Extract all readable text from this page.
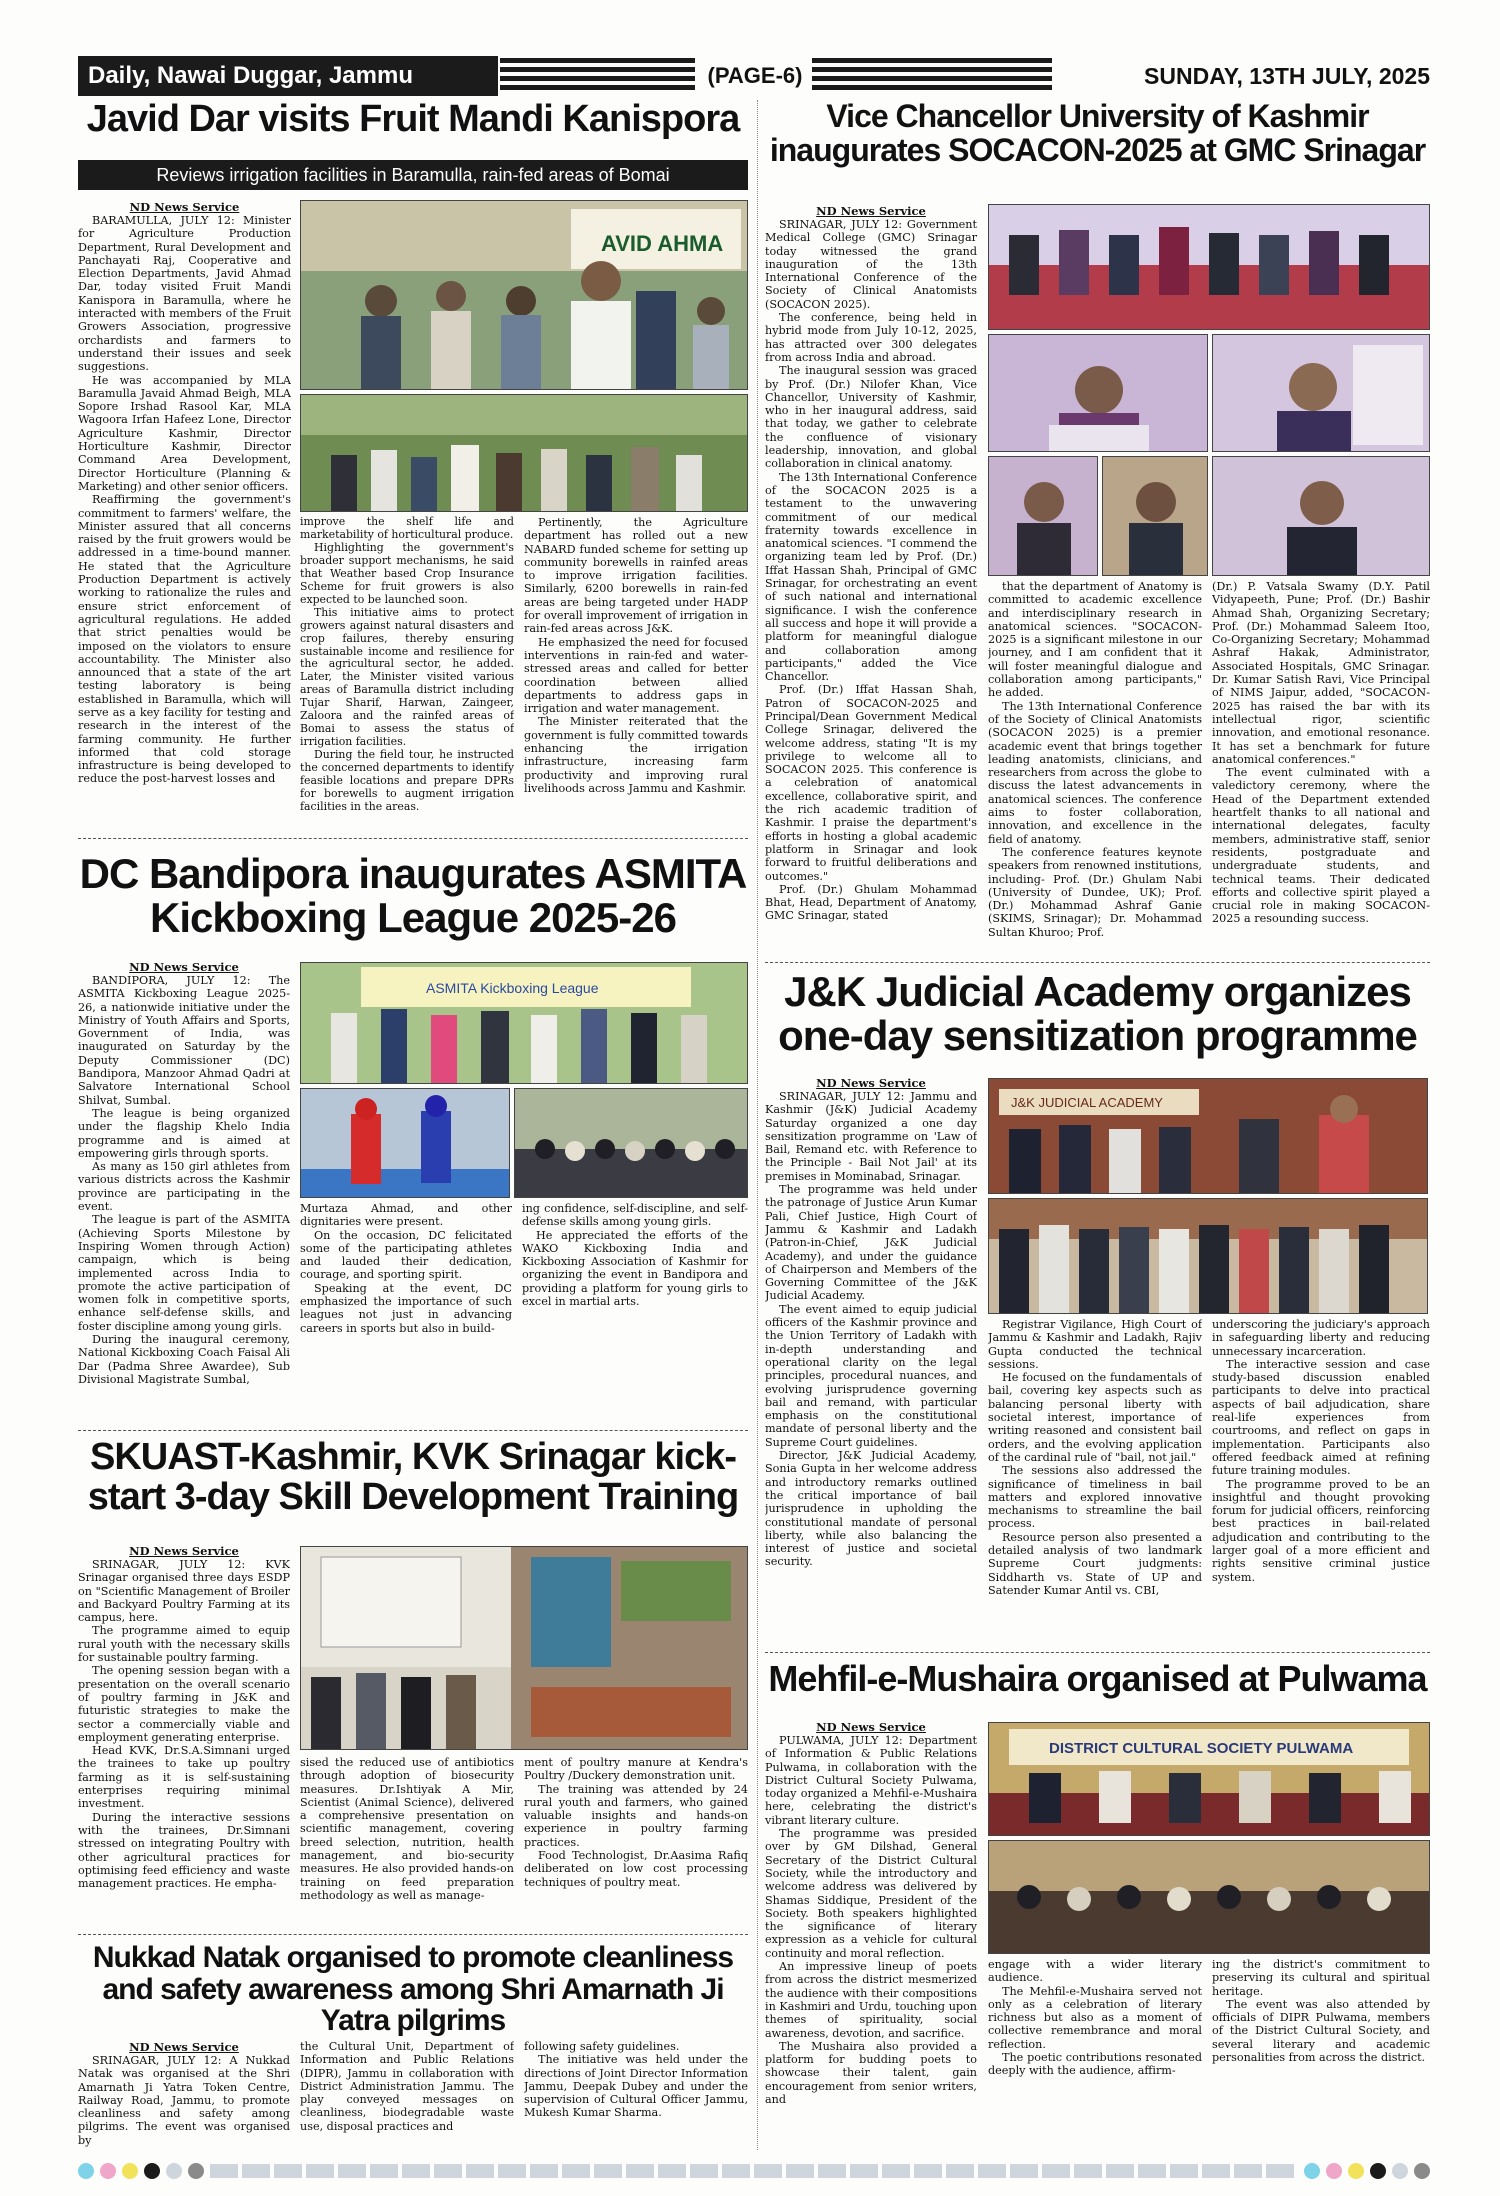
Daily, Nawai Duggar, Jammu	(PAGE-6)	SUNDAY, 13TH JULY, 2025
Javid Dar visits Fruit Mandi Kanispora
Reviews irrigation facilities in Baramulla, rain-fed areas of Bomai
ND News Service

BARAMULLA, JULY 12: Minister for Agriculture Production Department, Rural Development and Panchayati Raj, Cooperative and Election Departments, Javid Ahmad Dar, today visited Fruit Mandi Kanispora in Baramulla, where he interacted with members of the Fruit Growers Association, progressive orchardists and farmers to understand their issues and seek suggestions.

He was accompanied by MLA Baramulla Javaid Ahmad Beigh, MLA Sopore Irshad Rasool Kar, MLA Wagoora Irfan Hafeez Lone, Director Agriculture Kashmir, Director Horticulture Kashmir, Director Command Area Development, Director Horticulture (Planning & Marketing) and other senior officers.

Reaffirming the government's commitment to farmers' welfare, the Minister assured that all concerns raised by the fruit growers would be addressed in a time-bound manner. He stated that the Agriculture Production Department is actively working to rationalize the rules and ensure strict enforcement of agricultural regulations. He added that strict penalties would be imposed on the violators to ensure accountability. The Minister also announced that a state of the art testing laboratory is being established in Baramulla, which will serve as a key facility for testing and research in the interest of the farming community. He further informed that cold storage infrastructure is being developed to reduce the post-harvest losses and

AVID AHMA

improve the shelf life and marketability of horticultural produce.

Highlighting the government's broader support mechanisms, he said that Weather based Crop Insurance Scheme for fruit growers is also expected to be launched soon.

This initiative aims to protect growers against natural disasters and crop failures, thereby ensuring sustainable income and resilience for the agricultural sector, he added. Later, the Minister visited various areas of Baramulla district including Tujar Sharif, Harwan, Zaingeer, Zaloora and the rainfed areas of Bomai to assess the status of irrigation facilities.

During the field tour, he instructed the concerned departments to identify feasible locations and prepare DPRs for borewells to augment irrigation facilities in the areas.

Pertinently, the Agriculture department has rolled out a new NABARD funded scheme for setting up community borewells in rainfed areas to improve irrigation facilities. Similarly, 6200 borewells in rain-fed areas are being targeted under HADP for overall improvement of irrigation in rain-fed areas across J&K.

He emphasized the need for focused interventions in rain-fed and water-stressed areas and called for better coordination between allied departments to address gaps in irrigation and water management.

The Minister reiterated that the government is fully committed towards enhancing the irrigation infrastructure, increasing farm productivity and improving rural livelihoods across Jammu and Kashmir.

Vice Chancellor University of Kashmir inaugurates SOCACON-2025 at GMC Srinagar
ND News Service

SRINAGAR, JULY 12: Government Medical College (GMC) Srinagar today witnessed the grand inauguration of the 13th International Conference of the Society of Clinical Anatomists (SOCACON 2025).

The conference, being held in hybrid mode from July 10-12, 2025, has attracted over 300 delegates from across India and abroad.

The inaugural session was graced by Prof. (Dr.) Nilofer Khan, Vice Chancellor, University of Kashmir, who in her inaugural address, said that today, we gather to celebrate the confluence of visionary leadership, innovation, and global collaboration in clinical anatomy.

The 13th International Conference of the SOCACON 2025 is a testament to the unwavering commitment of our medical fraternity towards excellence in anatomical sciences. "I commend the organizing team led by Prof. (Dr.) Iffat Hassan Shah, Principal of GMC Srinagar, for orchestrating an event of such national and international significance. I wish the conference all success and hope it will provide a platform for meaningful dialogue and collaboration among participants," added the Vice Chancellor.

Prof. (Dr.) Iffat Hassan Shah, Patron of SOCACON-2025 and Principal/Dean Government Medical College Srinagar, delivered the welcome address, stating "It is my privilege to welcome all to SOCACON 2025. This conference is a celebration of anatomical excellence, collaborative spirit, and the rich academic tradition of Kashmir. I praise the department's efforts in hosting a global academic platform in Srinagar and look forward to fruitful deliberations and outcomes."

Prof. (Dr.) Ghulam Mohammad Bhat, Head, Department of Anatomy, GMC Srinagar, stated

that the department of Anatomy is committed to academic excellence and interdisciplinary research in anatomical sciences. "SOCACON-2025 is a significant milestone in our journey, and I am confident that it will foster meaningful dialogue and collaboration among participants," he added.

The 13th International Conference of the Society of Clinical Anatomists (SOCACON 2025) is a premier academic event that brings together leading anatomists, clinicians, and researchers from across the globe to discuss the latest advancements in anatomical sciences. The conference aims to foster collaboration, innovation, and excellence in the field of anatomy.

The conference features keynote speakers from renowned institutions, including- Prof. (Dr.) Ghulam Nabi (University of Dundee, UK); Prof. (Dr.) Mohammad Ashraf Ganie (SKIMS, Srinagar); Dr. Mohammad Sultan Khuroo; Prof.

(Dr.) P. Vatsala Swamy (D.Y. Patil Vidyapeeth, Pune; Prof. (Dr.) Bashir Ahmad Shah, Organizing Secretary; Prof. (Dr.) Mohammad Saleem Itoo, Co-Organizing Secretary; Mohammad Ashraf Hakak, Administrator, Associated Hospitals, GMC Srinagar. Dr. Kumar Satish Ravi, Vice Principal of NIMS Jaipur, added, "SOCACON-2025 has raised the bar with its intellectual rigor, scientific innovation, and emotional resonance. It has set a benchmark for future anatomical conferences."

The event culminated with a valedictory ceremony, where the Head of the Department extended heartfelt thanks to all national and international delegates, faculty members, administrative staff, senior residents, postgraduate and undergraduate students, and technical teams. Their dedicated efforts and collective spirit played a crucial role in making SOCACON-2025 a resounding success.

DC Bandipora inaugurates ASMITA Kickboxing League 2025-26
ND News Service

BANDIPORA, JULY 12: The ASMITA Kickboxing League 2025-26, a nationwide initiative under the Ministry of Youth Affairs and Sports, Government of India, was inaugurated on Saturday by the Deputy Commissioner (DC) Bandipora, Manzoor Ahmad Qadri at Salvatore International School Shilvat, Sumbal.

The league is being organized under the flagship Khelo India programme and is aimed at empowering girls through sports.

As many as 150 girl athletes from various districts across the Kashmir province are participating in the event.

The league is part of the ASMITA (Achieving Sports Milestone by Inspiring Women through Action) campaign, which is being implemented across India to promote the active participation of women folk in competitive sports, enhance self-defense skills, and foster discipline among young girls.

During the inaugural ceremony, National Kickboxing Coach Faisal Ali Dar (Padma Shree Awardee), Sub Divisional Magistrate Sumbal,

ASMITA Kickboxing League

Murtaza Ahmad, and other dignitaries were present.

On the occasion, DC felicitated some of the participating athletes and lauded their dedication, courage, and sporting spirit.

Speaking at the event, DC emphasized the importance of such leagues not just in advancing careers in sports but also in build-

ing confidence, self-discipline, and self-defense skills among young girls.

He appreciated the efforts of the WAKO Kickboxing India and Kickboxing Association of Kashmir for organizing the event in Bandipora and providing a platform for young girls to excel in martial arts.

J&K Judicial Academy organizes one-day sensitization programme
ND News Service

SRINAGAR, JULY 12: Jammu and Kashmir (J&K) Judicial Academy Saturday organized a one day sensitization programme on 'Law of Bail, Remand etc. with Reference to the Principle - Bail Not Jail' at its premises in Mominabad, Srinagar.

The programme was held under the patronage of Justice Arun Kumar Pali, Chief Justice, High Court of Jammu & Kashmir and Ladakh (Patron-in-Chief, J&K Judicial Academy), and under the guidance of Chairperson and Members of the Governing Committee of the J&K Judicial Academy.

The event aimed to equip judicial officers of the Kashmir province and the Union Territory of Ladakh with in-depth understanding and operational clarity on the legal principles, procedural nuances, and evolving jurisprudence governing bail and remand, with particular emphasis on the constitutional mandate of personal liberty and the Supreme Court guidelines.

Director, J&K Judicial Academy, Sonia Gupta in her welcome address and introductory remarks outlined the critical importance of bail jurisprudence in upholding the constitutional mandate of personal liberty, while also balancing the interest of justice and societal security.

J&K JUDICIAL ACADEMY

Registrar Vigilance, High Court of Jammu & Kashmir and Ladakh, Rajiv Gupta conducted the technical sessions.

He focused on the fundamentals of bail, covering key aspects such as balancing personal liberty with societal interest, importance of writing reasoned and consistent bail orders, and the evolving application of the cardinal rule of "bail, not jail."

The sessions also addressed the significance of timeliness in bail matters and explored innovative mechanisms to streamline the bail process.

Resource person also presented a detailed analysis of two landmark Supreme Court judgments: Siddharth vs. State of UP and Satender Kumar Antil vs. CBI,

underscoring the judiciary's approach in safeguarding liberty and reducing unnecessary incarceration.

The interactive session and case study-based discussion enabled participants to delve into practical aspects of bail adjudication, share real-life experiences from courtrooms, and reflect on gaps in implementation. Participants also offered feedback aimed at refining future training modules.

The programme proved to be an insightful and thought provoking forum for judicial officers, reinforcing best practices in bail-related adjudication and contributing to the larger goal of a more efficient and rights sensitive criminal justice system.

SKUAST-Kashmir, KVK Srinagar kick-start 3-day Skill Development Training
ND News Service

SRINAGAR, JULY 12: KVK Srinagar organised three days ESDP on "Scientific Management of Broiler and Backyard Poultry Farming at its campus, here.

The programme aimed to equip rural youth with the necessary skills for sustainable poultry farming.

The opening session began with a presentation on the overall scenario of poultry farming in J&K and futuristic strategies to make the sector a commercially viable and employment generating enterprise.

Head KVK, Dr.S.A.Simnani urged the trainees to take up poultry farming as it is self-sustaining enterprises requiring minimal investment.

During the interactive sessions with the trainees, Dr.Simnani stressed on integrating Poultry with other agricultural practices for optimising feed efficiency and waste management practices. He empha-

sised the reduced use of antibiotics through adoption of biosecurity measures. Dr.Ishtiyak A Mir, Scientist (Animal Science), delivered a comprehensive presentation on scientific management, covering breed selection, nutrition, health management, and bio-security measures. He also provided hands-on training on feed preparation methodology as well as manage-

ment of poultry manure at Kendra's Poultry /Duckery demonstration unit.

The training was attended by 24 rural youth and farmers, who gained valuable insights and hands-on experience in poultry farming practices.

Food Technologist, Dr.Aasima Rafiq deliberated on low cost processing techniques of poultry meat.

Mehfil-e-Mushaira organised at Pulwama
ND News Service

PULWAMA, JULY 12: Department of Information & Public Relations Pulwama, in collaboration with the District Cultural Society Pulwama, today organized a Mehfil-e-Mushaira here, celebrating the district's vibrant literary culture.

The programme was presided over by GM Dilshad, General Secretary of the District Cultural Society, while the introductory and welcome address was delivered by Shamas Siddique, President of the Society. Both speakers highlighted the significance of literary expression as a vehicle for cultural continuity and moral reflection.

An impressive lineup of poets from across the district mesmerized the audience with their compositions in Kashmiri and Urdu, touching upon themes of spirituality, social awareness, devotion, and sacrifice.

The Mushaira also provided a platform for budding poets to showcase their talent, gain encouragement from senior writers, and

DISTRICT CULTURAL SOCIETY PULWAMA

engage with a wider literary audience.

The Mehfil-e-Mushaira served not only as a celebration of literary richness but also as a moment of collective remembrance and moral reflection.

The poetic contributions resonated deeply with the audience, affirm-

ing the district's commitment to preserving its cultural and spiritual heritage.

The event was also attended by officials of DIPR Pulwama, members of the District Cultural Society, and several literary and academic personalities from across the district.

Nukkad Natak organised to promote cleanliness and safety awareness among Shri Amarnath Ji Yatra pilgrims
ND News Service

SRINAGAR, JULY 12: A Nukkad Natak was organised at the Shri Amarnath Ji Yatra Token Centre, Railway Road, Jammu, to promote cleanliness and safety among pilgrims. The event was organised by

the Cultural Unit, Department of Information and Public Relations (DIPR), Jammu in collaboration with District Administration Jammu. The play conveyed messages on cleanliness, biodegradable waste use, disposal practices and

following safety guidelines.

The initiative was held under the directions of Joint Director Information Jammu, Deepak Dubey and under the supervision of Cultural Officer Jammu, Mukesh Kumar Sharma.
